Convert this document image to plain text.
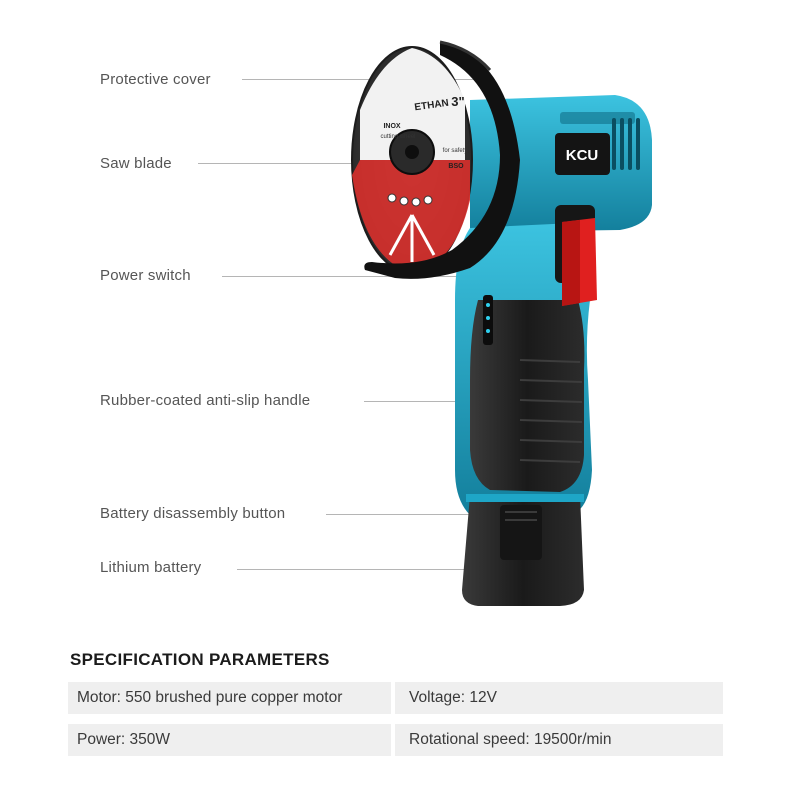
Protective cover
Saw blade
Power switch
Rubber-coated anti-slip handle
Battery disassembly button
Lithium battery
KCU
ETHAN 3"
INOX
cutting wheel
for safety
BSO
SPECIFICATION PARAMETERS
Motor: 550 brushed pure copper motor	Voltage: 12V
Power: 350W	Rotational speed: 19500r/min
